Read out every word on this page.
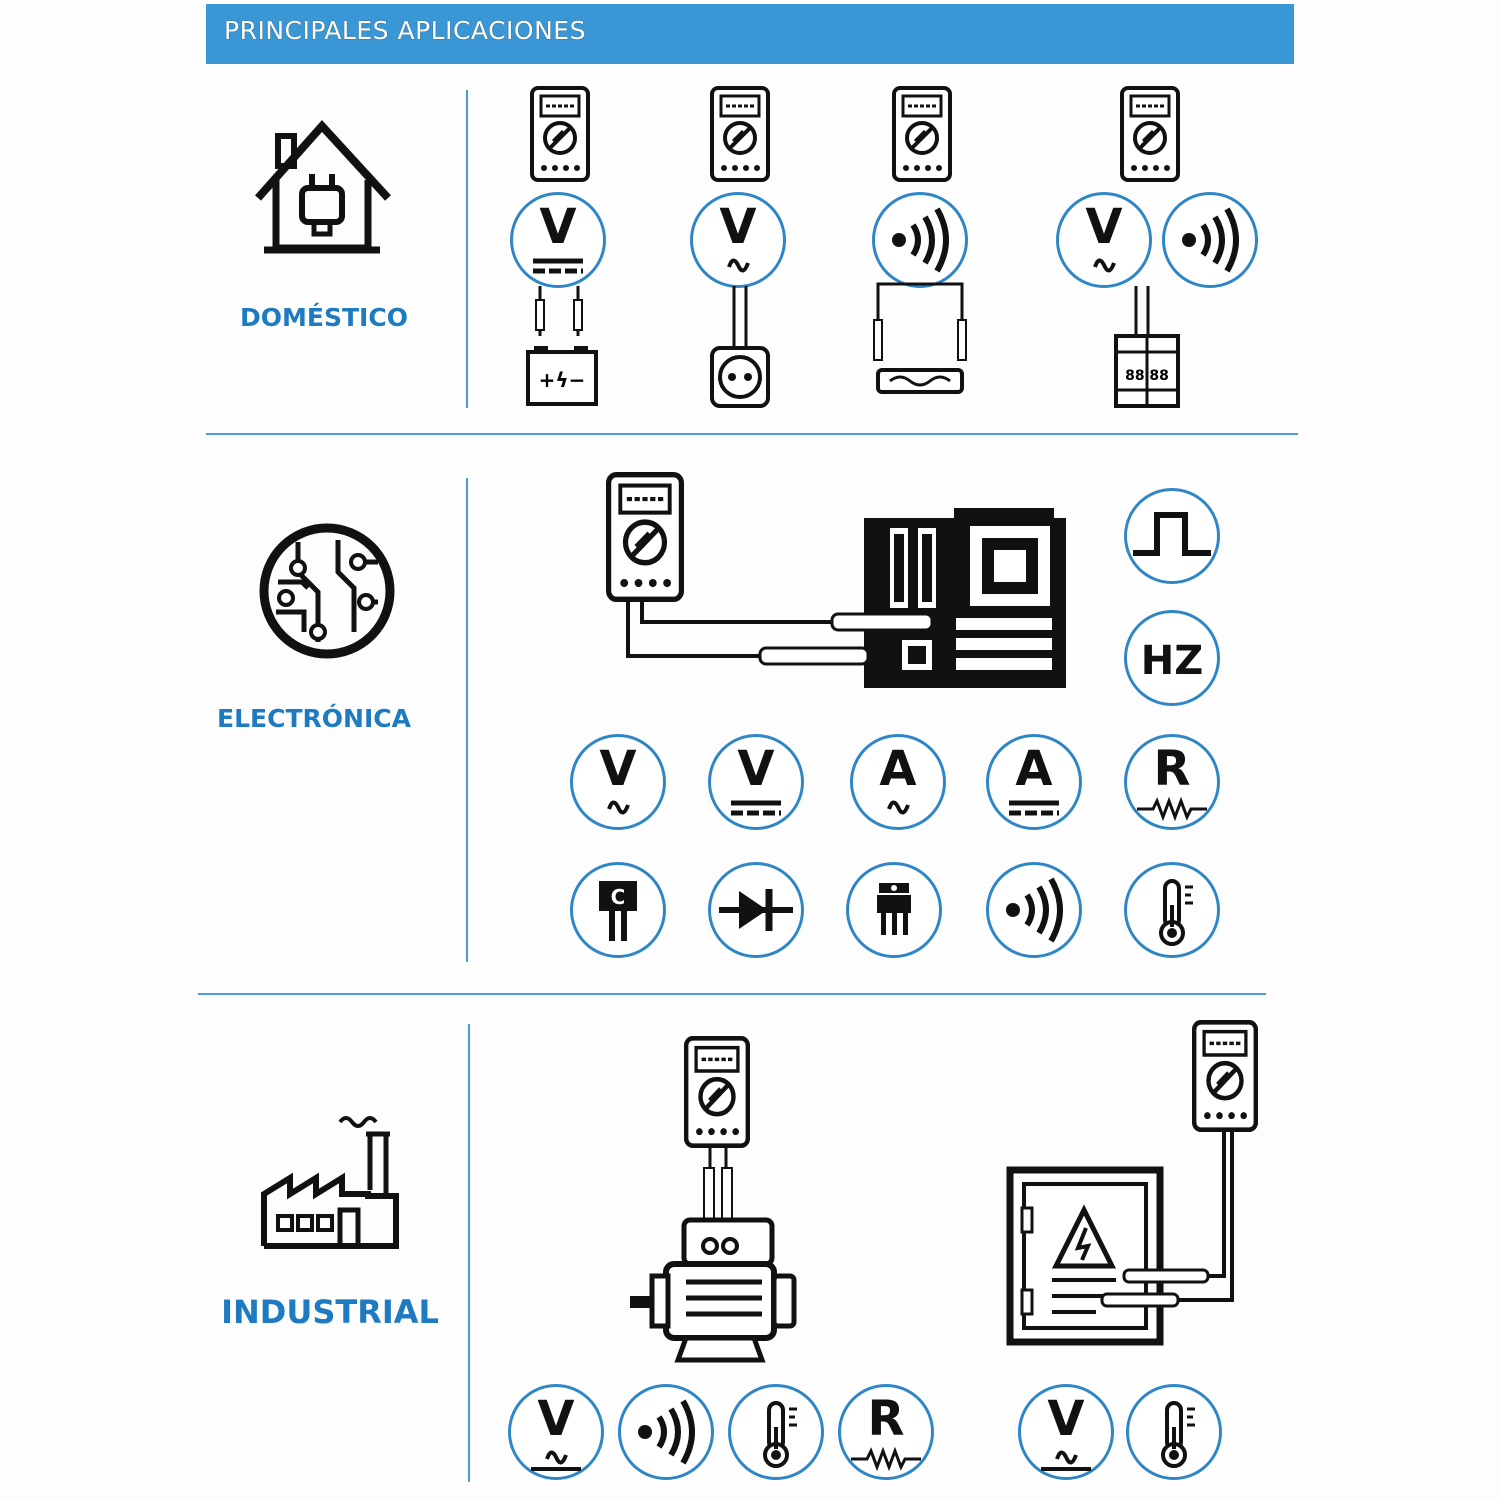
PRINCIPALES APLICACIONES
DOMÉSTICO
V	V	V
+ϟ−	88 88
ELECTRÓNICA
HZ
V	V	A	A	R
C
INDUSTRIAL
V	R	V
